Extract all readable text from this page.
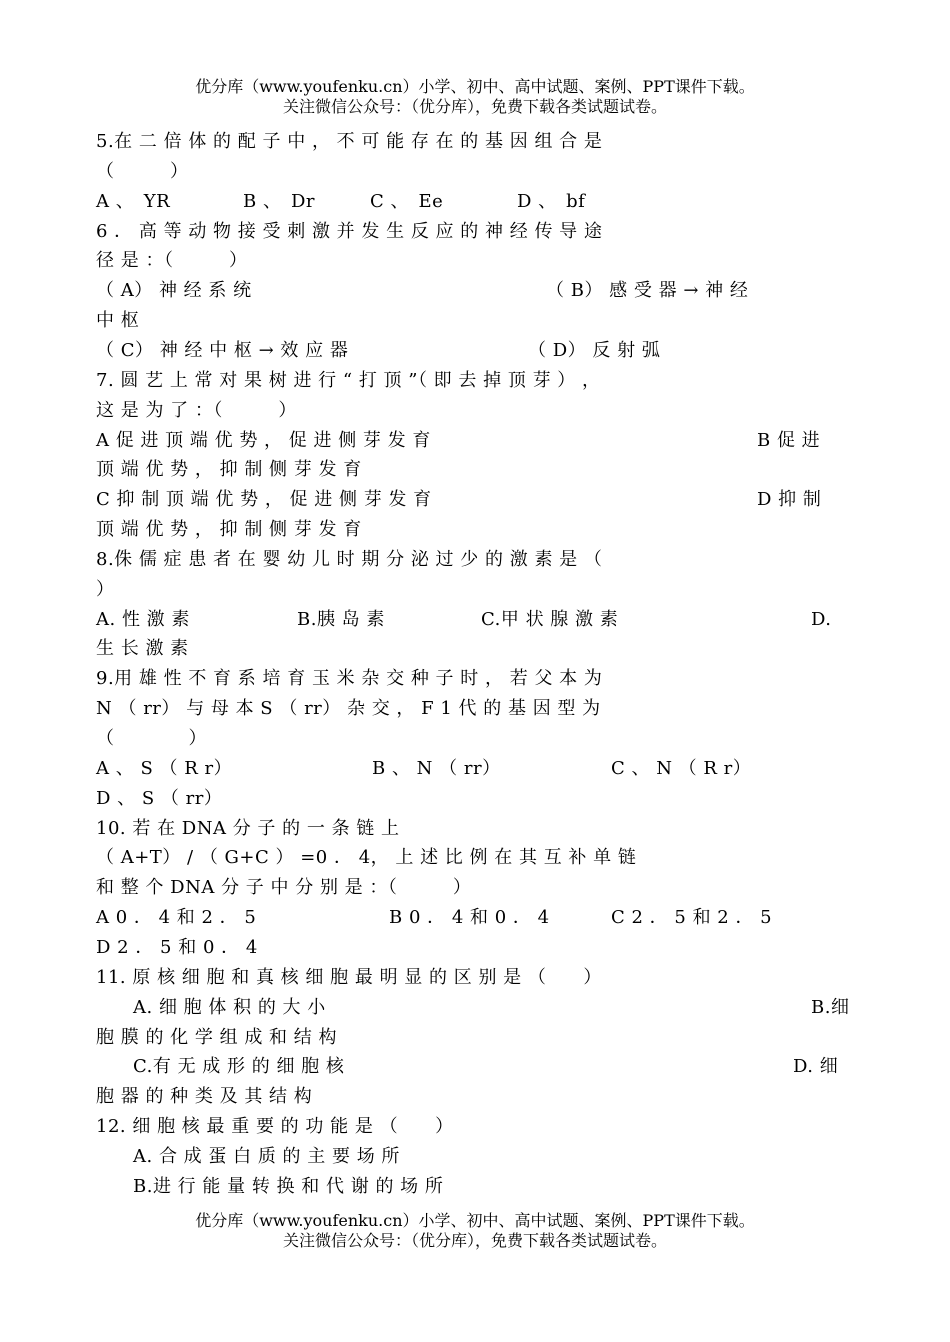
优分库（www.youfenku.cn）小学、初中、高中试题、案例、PPT课件下载。
关注微信公众号：（优分库），免费下载各类试题试卷。
5.在 二 倍 体 的 配 子 中 ， 不 可 能 存 在 的 基 因 组 合 是
（　　　）
A 、　YR	B 、　Dr	C 、　Ee	D 、　bf
6 ． 高 等 动 物 接 受 刺 激 并 发 生 反 应 的 神 经 传 导 途
径 是 ：（　　　）
（ A） 神 经 系 统	（ B） 感 受 器 → 神 经
中 枢
（ C） 神 经 中 枢 → 效 应 器	（ D） 反 射 弧
7. 圆 艺 上 常 对 果 树 进 行 “ 打 顶 ”（ 即 去 掉 顶 芽 ） ，
这 是 为 了 ：（　　　）
A 促 进 顶 端 优 势 ， 促 进 侧 芽 发 育	B 促 进
顶 端 优 势 ， 抑 制 侧 芽 发 育
C 抑 制 顶 端 优 势 ， 促 进 侧 芽 发 育	D 抑 制
顶 端 优 势 ， 抑 制 侧 芽 发 育
8.侏 儒 症 患 者 在 婴 幼 儿 时 期 分 泌 过 少 的 激 素 是 （
）
A. 性 激 素	B.胰 岛 素	C.甲 状 腺 激 素	D.
生 长 激 素
9.用 雄 性 不 育 系 培 育 玉 米 杂 交 种 子 时 ， 若 父 本 为
N （ rr） 与 母 本 S （ rr） 杂 交 ， F 1 代 的 基 因 型 为
（　　　　）
A 、 S （ R r）	B 、 N （ rr）	C 、 N （ R r）
D 、 S （ rr）
10. 若 在 DNA 分 子 的 一 条 链 上
（ A+T） / （ G+C ） =0 ． 4， 上 述 比 例 在 其 互 补 单 链
和 整 个 DNA 分 子 中 分 别 是 ：（　　　）
A 0 ． 4 和 2 ． 5	B 0 ． 4 和 0 ． 4	C 2 ． 5 和 2 ． 5
D 2 ． 5 和 0 ． 4
11. 原 核 细 胞 和 真 核 细 胞 最 明 显 的 区 别 是 （　　）
A. 细 胞 体 积 的 大 小	B.细
胞 膜 的 化 学 组 成 和 结 构
C.有 无 成 形 的 细 胞 核	D. 细
胞 器 的 种 类 及 其 结 构
12. 细 胞 核 最 重 要 的 功 能 是 （　　）
A. 合 成 蛋 白 质 的 主 要 场 所
B.进 行 能 量 转 换 和 代 谢 的 场 所
优分库（www.youfenku.cn）小学、初中、高中试题、案例、PPT课件下载。
关注微信公众号：（优分库），免费下载各类试题试卷。
